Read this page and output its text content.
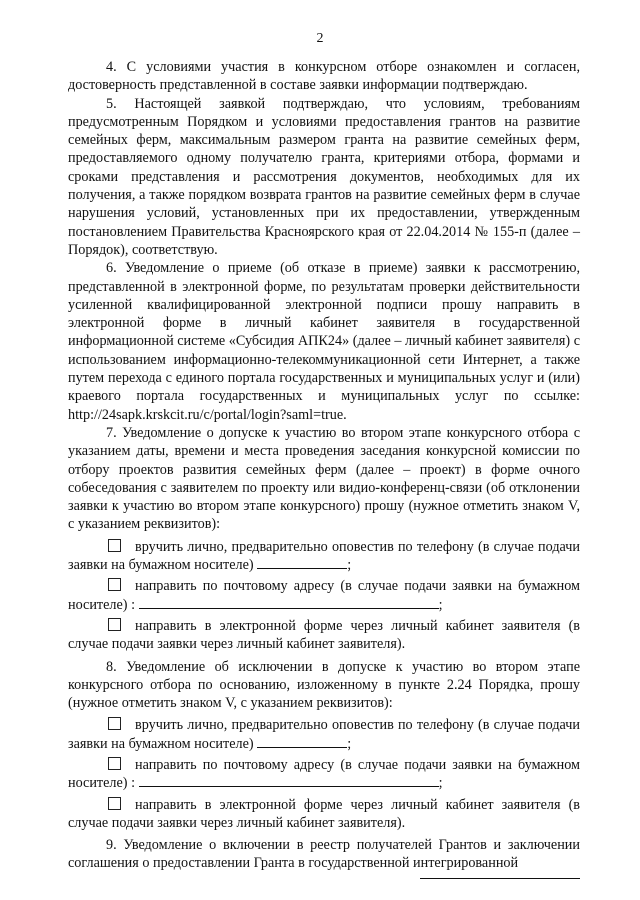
2

4. С условиями участия в конкурсном отборе ознакомлен и согласен, достоверность представленной в составе заявки информации подтверждаю.

5. Настоящей заявкой подтверждаю, что условиям, требованиям предусмотренным Порядком и условиями предоставления грантов на развитие семейных ферм, максимальным размером гранта на развитие семейных ферм, предоставляемого одному получателю гранта, критериями отбора, формами и сроками представления и рассмотрения документов, необходимых для их получения, а также порядком возврата грантов на развитие семейных ферм в случае нарушения условий, установленных при их предоставлении, утвержденным постановлением Правительства Красноярского края от 22.04.2014 № 155-п (далее – Порядок), соответствую.

6. Уведомление о приеме (об отказе в приеме) заявки к рассмотрению, представленной в электронной форме, по результатам проверки действительности усиленной квалифицированной электронной подписи прошу направить в электронной форме в личный кабинет заявителя в государственной информационной системе «Субсидия АПК24» (далее – личный кабинет заявителя) с использованием информационно-телекоммуникационной сети Интернет, а также путем перехода с единого портала государственных и муниципальных услуг и (или) краевого портала государственных и муниципальных услуг по ссылке: http://24sapk.krskcit.ru/c/portal/login?saml=true.

7. Уведомление о допуске к участию во втором этапе конкурсного отбора с указанием даты, времени и места проведения заседания конкурсной комиссии по отбору проектов развития семейных ферм (далее – проект) в форме очного собеседования с заявителем по проекту или видио-конференц-связи (об отклонении заявки к участию во втором этапе конкурсного) прошу (нужное отметить знаком V, с указанием реквизитов):

вручить лично, предварительно оповестив по телефону (в случае подачи заявки на бумажном носителе)	;

направить по почтовому адресу (в случае подачи заявки на бумажном носителе) :	;

направить в электронной форме через личный кабинет заявителя (в случае подачи заявки через личный кабинет заявителя).

8. Уведомление об исключении в допуске к участию во втором этапе конкурсного отбора по основанию, изложенному в пункте 2.24 Порядка, прошу (нужное отметить знаком V, с указанием реквизитов):

вручить лично, предварительно оповестив по телефону (в случае подачи заявки на бумажном носителе)	;

направить по почтовому адресу (в случае подачи заявки на бумажном носителе) :	;

направить в электронной форме через личный кабинет заявителя (в случае подачи заявки через личный кабинет заявителя).

9. Уведомление о включении в реестр получателей Грантов и заключении соглашения о предоставлении Гранта в государственной интегрированной
